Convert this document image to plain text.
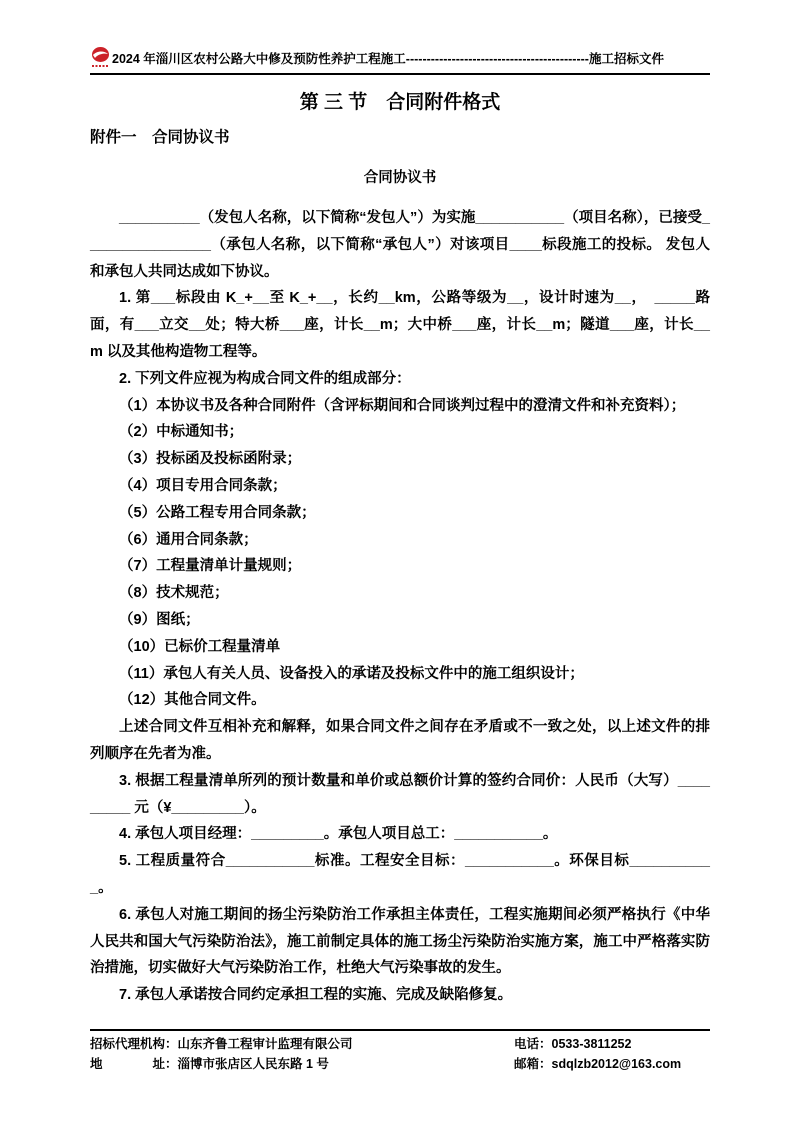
2024 年淄川区农村公路大中修及预防性养护工程施工--------------------------------------------施工招标文件
第 三 节　合同附件格式
附件一　合同协议书
合同协议书

__________（发包人名称，以下简称“发包人”）为实施___________（项目名称），已接受________________（承包人名称，以下简称“承包人”）对该项目____标段施工的投标。 发包人和承包人共同达成如下协议。

1. 第___标段由 K_+__至 K_+__，长约__km，公路等级为__，设计时速为__，　_____路面，有___立交__处；特大桥___座，计长__m；大中桥___座，计长__m；隧道___座，计长__m 以及其他构造物工程等。

2. 下列文件应视为构成合同文件的组成部分：

（1）本协议书及各种合同附件（含评标期间和合同谈判过程中的澄清文件和补充资料）；

（2）中标通知书；

（3）投标函及投标函附录；

（4）项目专用合同条款；

（5）公路工程专用合同条款；

（6）通用合同条款；

（7）工程量清单计量规则；

（8）技术规范；

（9）图纸；

（10）已标价工程量清单

（11）承包人有关人员、设备投入的承诺及投标文件中的施工组织设计；

（12）其他合同文件。

上述合同文件互相补充和解释，如果合同文件之间存在矛盾或不一致之处，以上述文件的排列顺序在先者为准。

3. 根据工程量清单所列的预计数量和单价或总额价计算的签约合同价：人民币（大写）_________ 元（¥_________）。

4. 承包人项目经理：_________。承包人项目总工：___________。

5. 工程质量符合___________标准。工程安全目标：___________。环保目标___________。

6. 承包人对施工期间的扬尘污染防治工作承担主体责任，工程实施期间必须严格执行《中华人民共和国大气污染防治法》，施工前制定具体的施工扬尘污染防治实施方案，施工中严格落实防治措施，切实做好大气污染防治工作，杜绝大气污染事故的发生。

7. 承包人承诺按合同约定承担工程的实施、完成及缺陷修复。

招标代理机构：山东齐鲁工程审计监理有限公司	电话：0533-3811252
地　　　　址：淄博市张店区人民东路 1 号	邮箱：sdqlzb2012@163.com
